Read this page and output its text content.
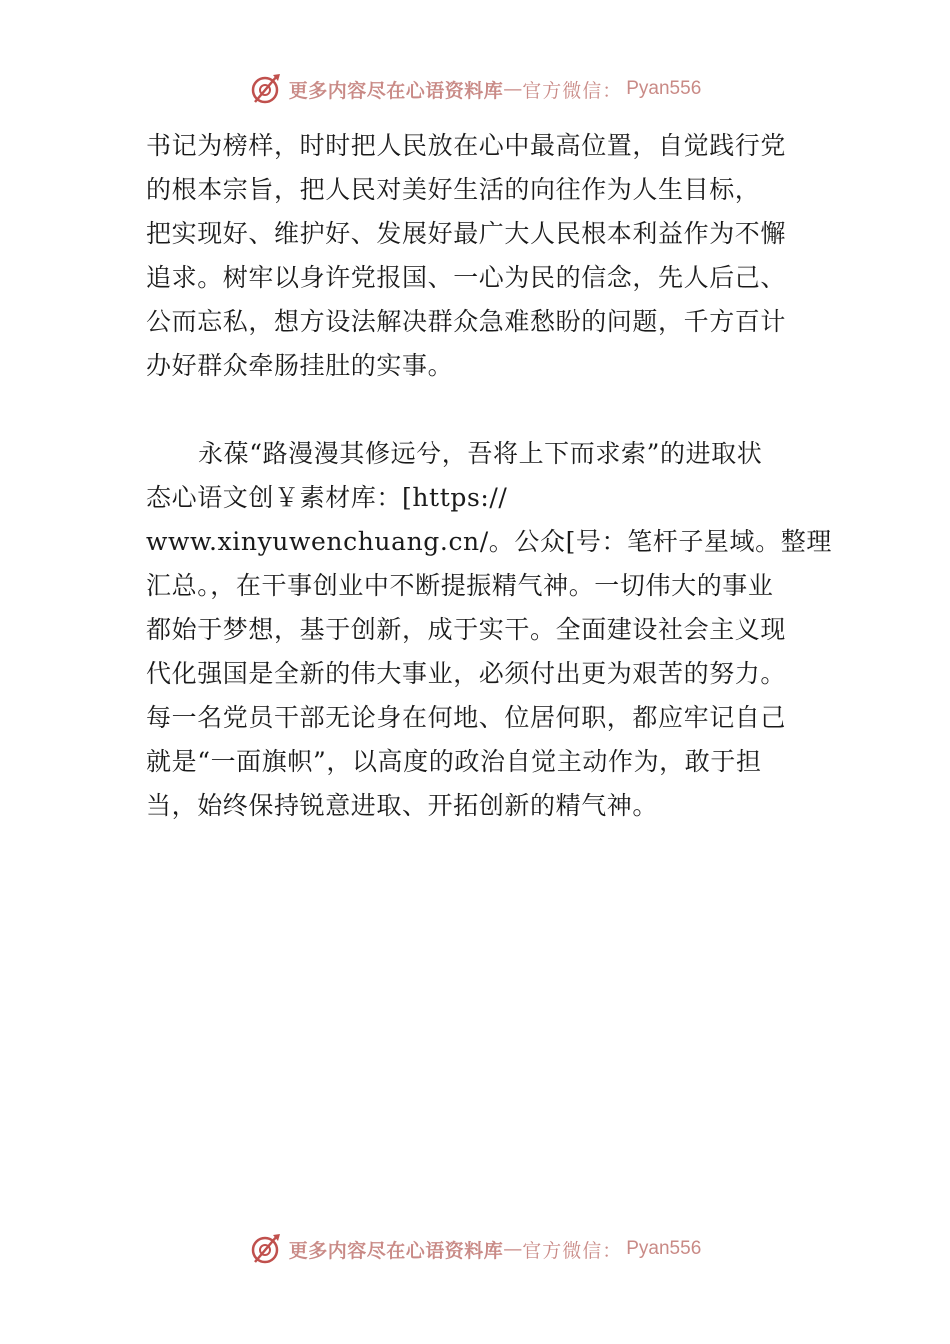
更多内容尽在心语资料库 — 官方微信： Pyan556

书记为榜样，时时把人民放在心中最高位置，自觉践行党
的根本宗旨，把人民对美好生活的向往作为人生目标，
把实现好、维护好、发展好最广大人民根本利益作为不懈
追求。树牢以身许党报国、一心为民的信念，先人后己、
公而忘私，想方设法解决群众急难愁盼的问题，千方百计
办好群众牵肠挂肚的实事。

永葆“路漫漫其修远兮，吾将上下而求索”的进取状
态心语文创￥素材库：[https://
www.xinyuwenchuang.cn/。公众[号：笔杆子星域。整理
汇总。，在干事创业中不断提振精气神。一切伟大的事业
都始于梦想，基于创新，成于实干。全面建设社会主义现
代化强国是全新的伟大事业，必须付出更为艰苦的努力。
每一名党员干部无论身在何地、位居何职，都应牢记自己
就是“一面旗帜”，以高度的政治自觉主动作为，敢于担
当，始终保持锐意进取、开拓创新的精气神。

更多内容尽在心语资料库 — 官方微信： Pyan556
